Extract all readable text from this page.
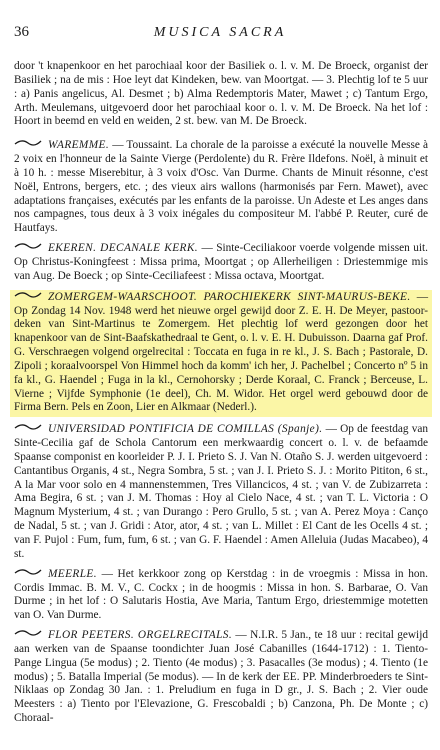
36	MUSICA SACRA

door 't knapenkoor en het parochiaal koor der Basiliek o. l. v. M. De Broeck, organist der Basiliek ; na de mis : Hoe leyt dat Kindeken, bew. van Moortgat. — 3. Plechtig lof te 5 uur : a) Panis angelicus, Al. Desmet ; b) Alma Redemptoris Mater, Mawet ; c) Tantum Ergo, Arth. Meulemans, uitgevoerd door het parochiaal koor o. l. v. M. De Broeck. Na het lof : Hoort in beemd en veld en weiden, 2 st. bew. van M. De Broeck.

WAREMME. — Toussaint. La chorale de la paroisse a exécuté la nouvelle Messe à 2 voix en l'honneur de la Sainte Vierge (Perdolente) du R. Frère Ildefons. Noël, à minuit et à 10 h. : messe Miserebitur, à 3 voix d'Osc. Van Durme. Chants de Minuit résonne, c'est Noël, Entrons, bergers, etc. ; des vieux airs wallons (harmonisés par Fern. Mawet), avec adaptations françaises, exécutés par les enfants de la paroisse. Un Adeste et Les anges dans nos campagnes, tous deux à 3 voix inégales du compositeur M. l'abbé P. Reuter, curé de Hautfays.

EKEREN. DECANALE KERK. — Sinte-Ceciliakoor voerde volgende missen uit. Op Christus-Koningfeest : Missa prima, Moortgat ; op Allerheiligen : Driestemmige mis van Aug. De Boeck ; op Sinte-Ceciliafeest : Missa octava, Moortgat.

ZOMERGEM-WAARSCHOOT. PAROCHIEKERK SINT-MAURUS-BEKE. — Op Zondag 14 Nov. 1948 werd het nieuwe orgel gewijd door Z. E. H. De Meyer, pastoor-deken van Sint-Martinus te Zomergem. Het plechtig lof werd gezongen door het knapenkoor van de Sint-Baafskathedraal te Gent, o. l. v. E. H. Dubuisson. Daarna gaf Prof. G. Verschraegen volgend orgelrecital : Toccata en fuga in re kl., J. S. Bach ; Pastorale, D. Zipoli ; koraalvoorspel Von Himmel hoch da komm' ich her, J. Pachelbel ; Concerto nº 5 in fa kl., G. Haendel ; Fuga in la kl., Cernohorsky ; Derde Koraal, C. Franck ; Berceuse, L. Vierne ; Vijfde Symphonie (1e deel), Ch. M. Widor. Het orgel werd gebouwd door de Firma Bern. Pels en Zoon, Lier en Alkmaar (Nederl.).

UNIVERSIDAD PONTIFICIA DE COMILLAS (Spanje). — Op de feestdag van Sinte-Cecilia gaf de Schola Cantorum een merkwaardig concert o. l. v. de befaamde Spaanse componist en koorleider P. J. I. Prieto S. J. Van N. Otaño S. J. werden uitgevoerd : Cantantibus Organis, 4 st., Negra Sombra, 5 st. ; van J. I. Prieto S. J. : Morito Pititon, 6 st., A la Mar voor solo en 4 mannenstemmen, Tres Villancicos, 4 st. ; van V. de Zubizarreta : Ama Begira, 6 st. ; van J. M. Thomas : Hoy al Cielo Nace, 4 st. ; van T. L. Victoria : O Magnum Mysterium, 4 st. ; van Durango : Pero Grullo, 5 st. ; van A. Perez Moya : Canço de Nadal, 5 st. ; van J. Gridi : Ator, ator, 4 st. ; van L. Millet : El Cant de les Ocells 4 st. ; van F. Pujol : Fum, fum, fum, 6 st. ; van G. F. Haendel : Amen Alleluia (Judas Macabeo), 4 st.

MEERLE. — Het kerkkoor zong op Kerstdag : in de vroegmis : Missa in hon. Cordis Immac. B. M. V., C. Cockx ; in de hoogmis : Missa in hon. S. Barbarae, O. Van Durme ; in het lof : O Salutaris Hostia, Ave Maria, Tantum Ergo, driestemmige motetten van O. Van Durme.

FLOR PEETERS. ORGELRECITALS. — N.I.R. 5 Jan., te 18 uur : recital gewijd aan werken van de Spaanse toondichter Juan José Cabanilles (1644-1712) : 1. Tiento-Pange Lingua (5e modus) ; 2. Tiento (4e modus) ; 3. Pasacalles (3e modus) ; 4. Tiento (1e modus) ; 5. Batalla Imperial (5e modus). — In de kerk der EE. PP. Minderbroeders te Sint-Niklaas op Zondag 30 Jan. : 1. Preludium en fuga in D gr., J. S. Bach ; 2. Vier oude Meesters : a) Tiento por l'Elevazione, G. Frescobaldi ; b) Canzona, Ph. De Monte ; c) Choraal-
